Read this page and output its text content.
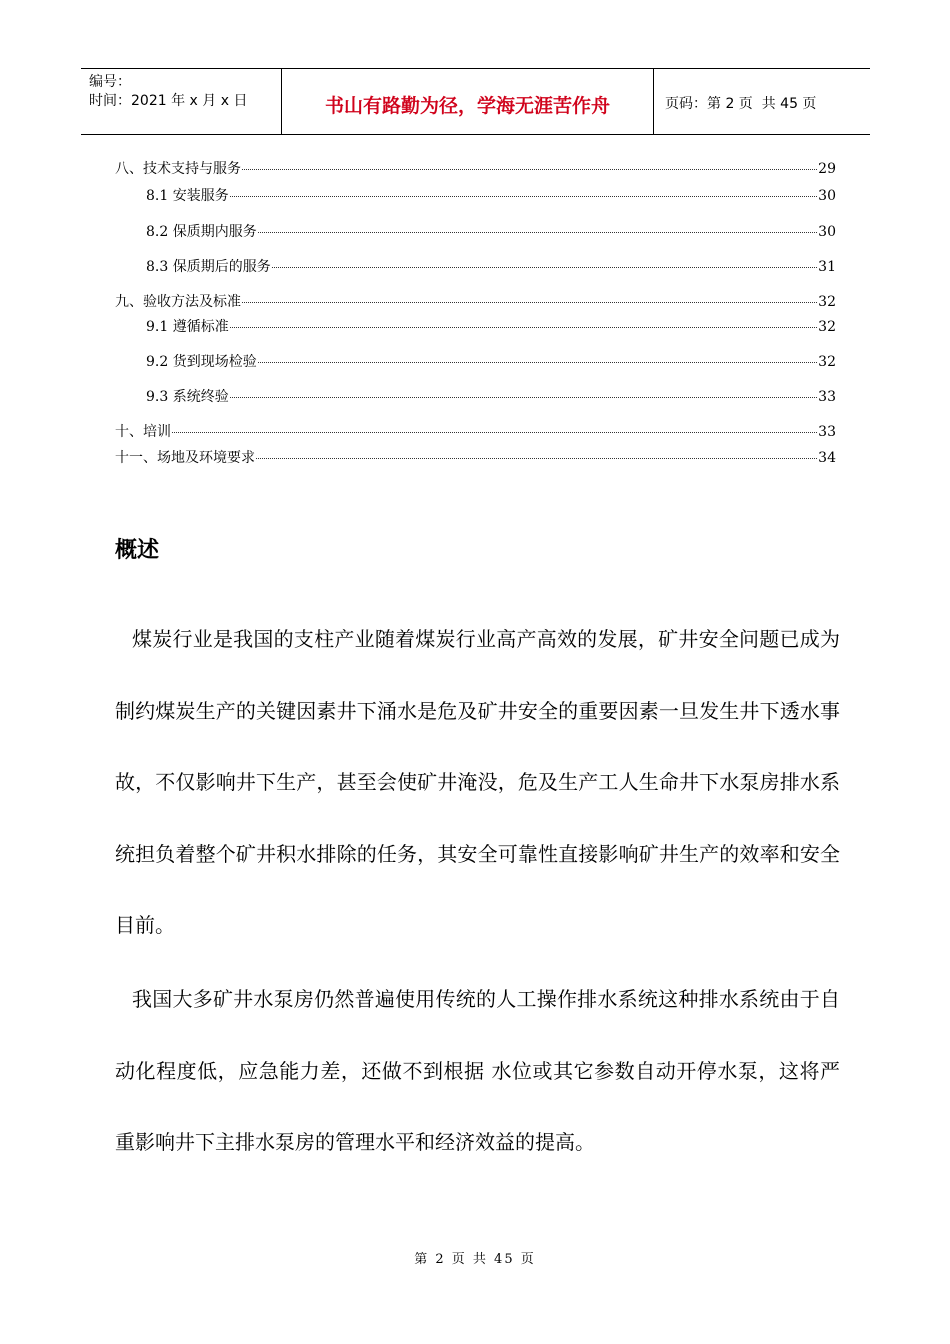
编号：
时间：2021 年 x 月 x 日	书山有路勤为径，学海无涯苦作舟	页码：第 2 页  共 45 页
八、技术支持与服务	29
8.1 安装服务	30
8.2 保质期内服务	30
8.3 保质期后的服务	31
九、验收方法及标准	32
9.1 遵循标准	32
9.2 货到现场检验	32
9.3 系统终验	33
十、培训	33
十一、场地及环境要求	34
概述

煤炭行业是我国的支柱产业随着煤炭行业高产高效的发展，矿井安全问题已成为制约煤炭生产的关键因素井下涌水是危及矿井安全的重要因素一旦发生井下透水事故，不仅影响井下生产，甚至会使矿井淹没，危及生产工人生命井下水泵房排水系统担负着整个矿井积水排除的任务，其安全可靠性直接影响矿井生产的效率和安全目前。

我国大多矿井水泵房仍然普遍使用传统的人工操作排水系统这种排水系统由于自动化程度低，应急能力差，还做不到根据 水位或其它参数自动开停水泵，这将严重影响井下主排水泵房的管理水平和经济效益的提高。

第 2 页 共 45 页
